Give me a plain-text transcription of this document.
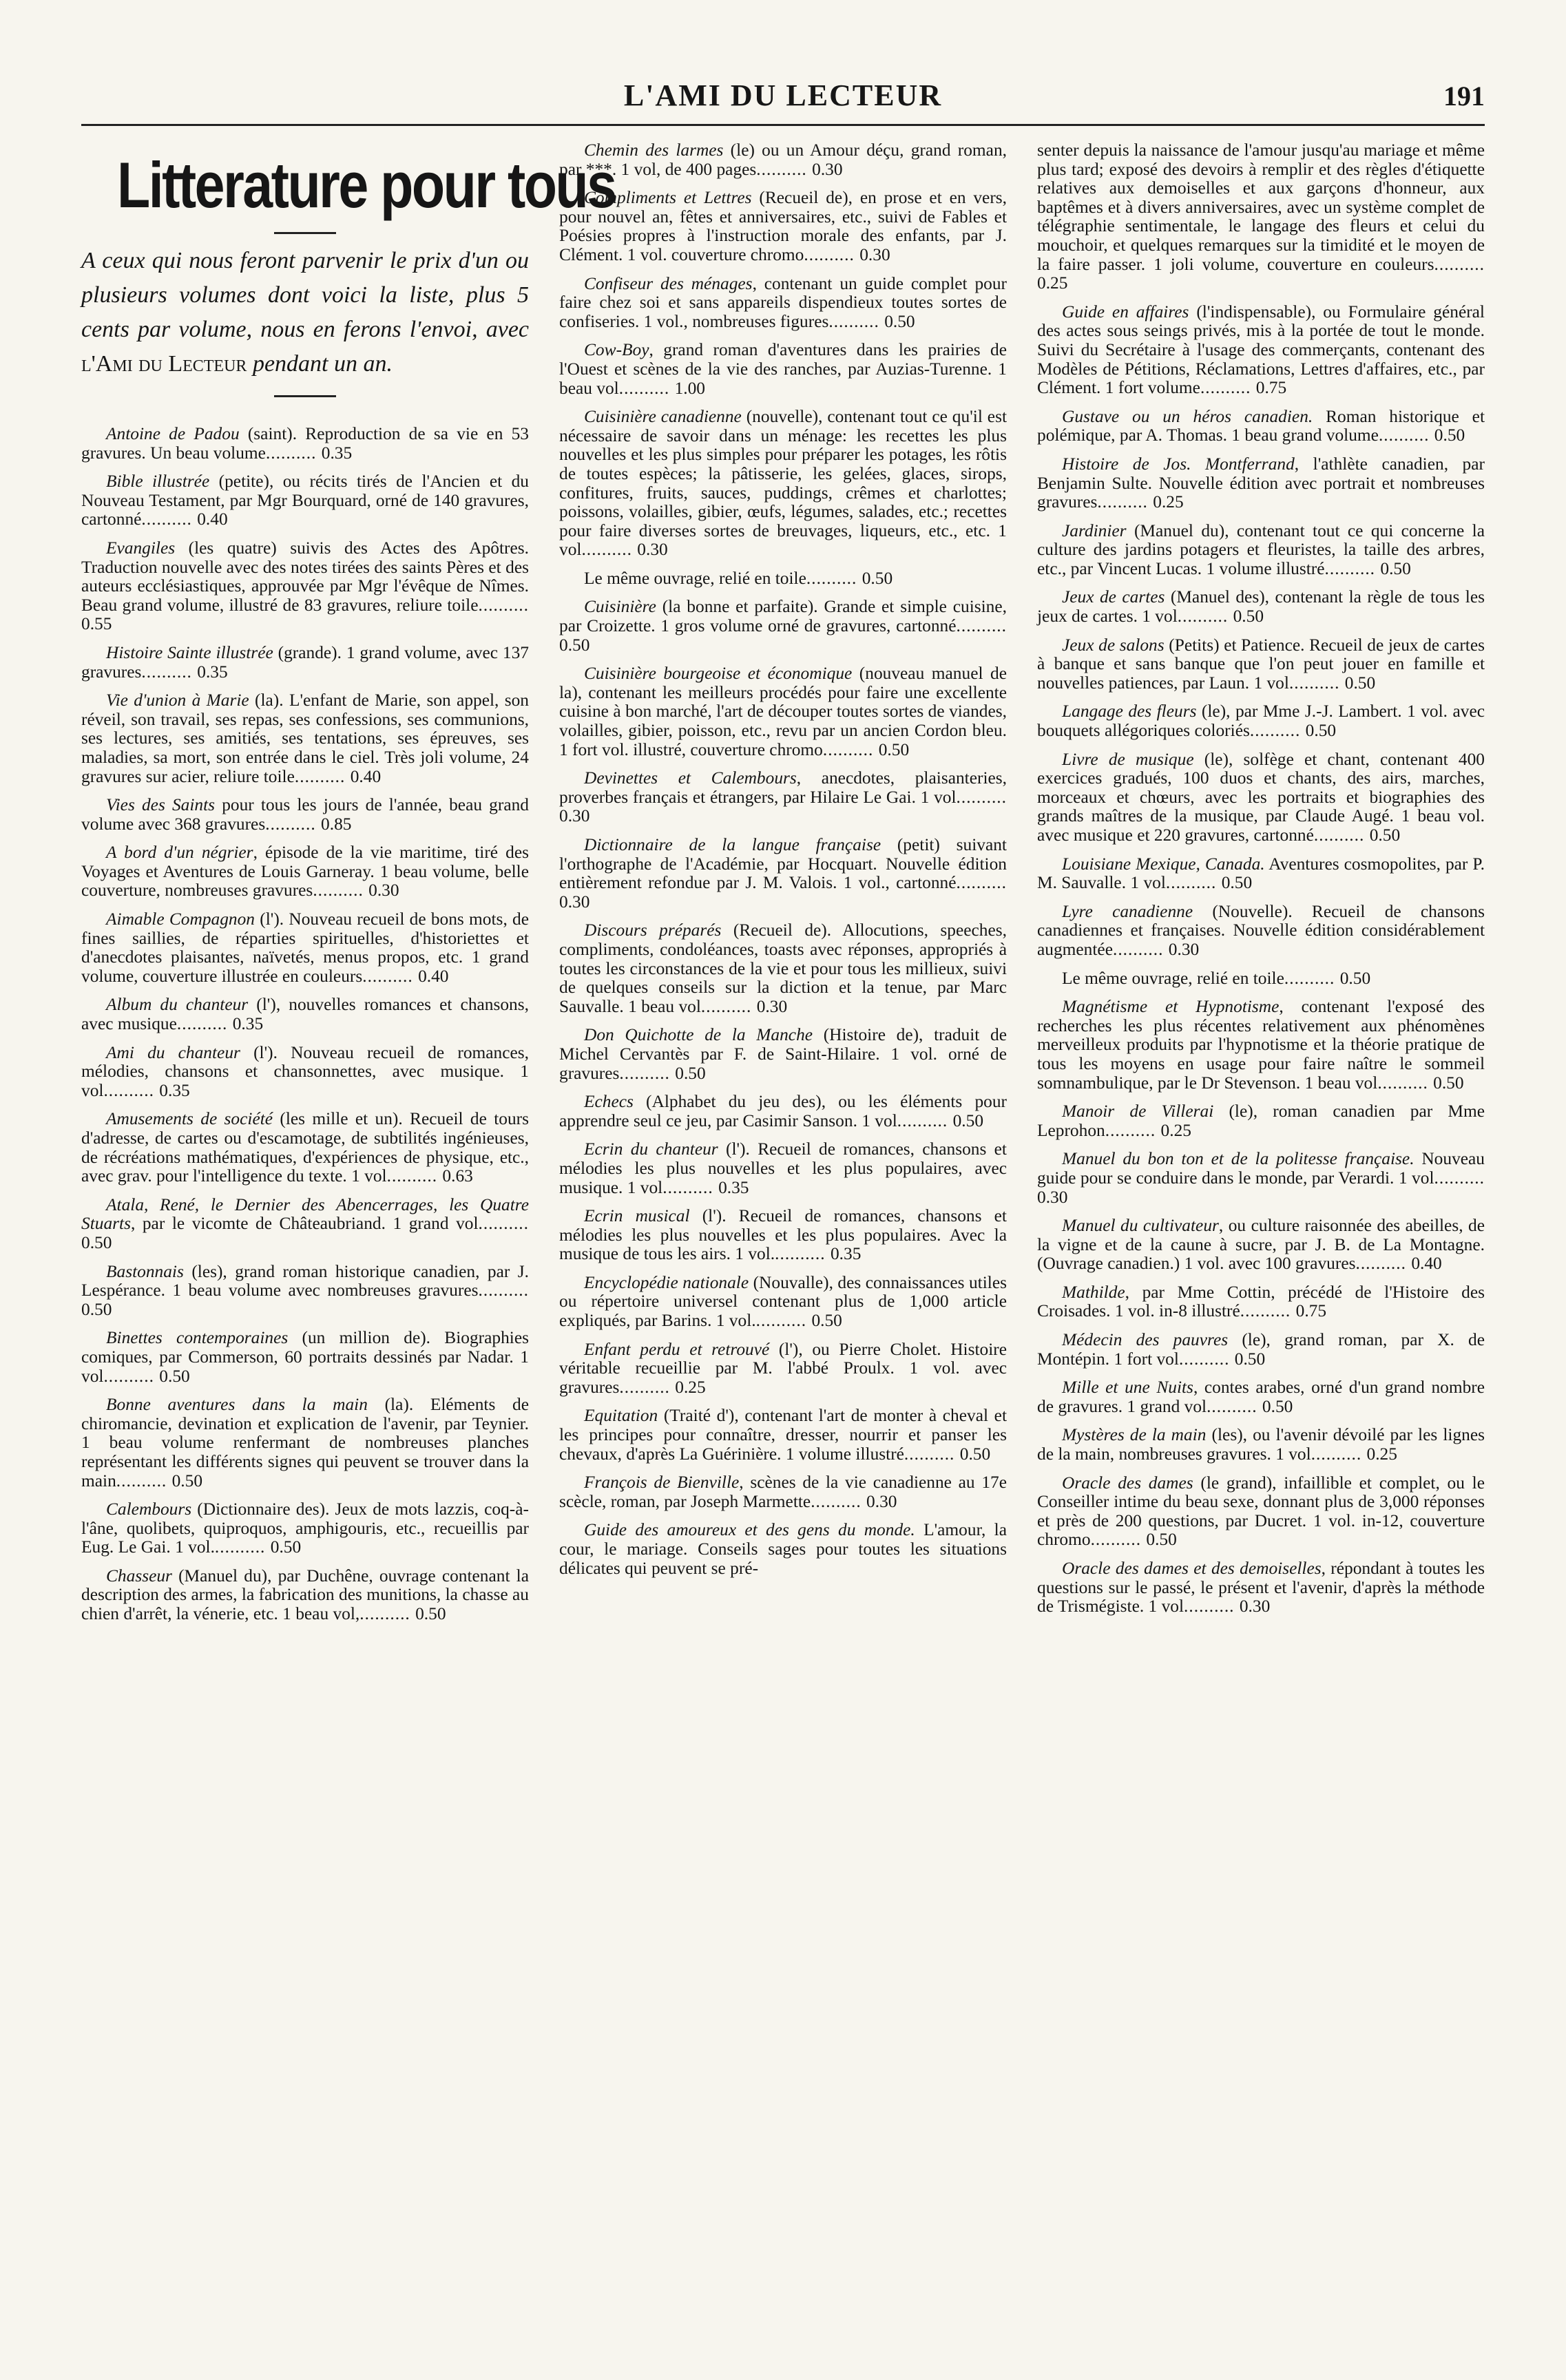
L'AMI DU LECTEUR	191
Litterature pour tous
A ceux qui nous feront parvenir le prix d'un ou plusieurs volumes dont voici la liste, plus 5 cents par volume, nous en ferons l'envoi, avec l'Ami du Lecteur pendant un an.

Antoine de Padou (saint). Reproduction de sa vie en 53 gravures. Un beau volume.......... 0.35

Bible illustrée (petite), ou récits tirés de l'Ancien et du Nouveau Testament, par Mgr Bourquard, orné de 140 gravures, cartonné.......... 0.40

Evangiles (les quatre) suivis des Actes des Apôtres. Traduction nouvelle avec des notes tirées des saints Pères et des auteurs ecclésiastiques, approuvée par Mgr l'évêque de Nîmes. Beau grand volume, illustré de 83 gravures, reliure toile.......... 0.55

Histoire Sainte illustrée (grande). 1 grand volume, avec 137 gravures.......... 0.35

Vie d'union à Marie (la). L'enfant de Marie, son appel, son réveil, son travail, ses repas, ses confessions, ses communions, ses lectures, ses amitiés, ses tentations, ses épreuves, ses maladies, sa mort, son entrée dans le ciel. Très joli volume, 24 gravures sur acier, reliure toile.......... 0.40

Vies des Saints pour tous les jours de l'année, beau grand volume avec 368 gravures.......... 0.85

A bord d'un négrier, épisode de la vie maritime, tiré des Voyages et Aventures de Louis Garneray. 1 beau volume, belle couverture, nombreuses gravures.......... 0.30

Aimable Compagnon (l'). Nouveau recueil de bons mots, de fines saillies, de réparties spirituelles, d'historiettes et d'anecdotes plaisantes, naïvetés, menus propos, etc. 1 grand volume, couverture illustrée en couleurs.......... 0.40

Album du chanteur (l'), nouvelles romances et chansons, avec musique.......... 0.35

Ami du chanteur (l'). Nouveau recueil de romances, mélodies, chansons et chansonnettes, avec musique. 1 vol.......... 0.35

Amusements de société (les mille et un). Recueil de tours d'adresse, de cartes ou d'escamotage, de subtilités ingénieuses, de récréations mathématiques, d'expériences de physique, etc., avec grav. pour l'intelligence du texte. 1 vol.......... 0.63

Atala, René, le Dernier des Abencerrages, les Quatre Stuarts, par le vicomte de Châteaubriand. 1 grand vol.......... 0.50

Bastonnais (les), grand roman historique canadien, par J. Lespérance. 1 beau volume avec nombreuses gravures.......... 0.50

Binettes contemporaines (un million de). Biographies comiques, par Commerson, 60 portraits dessinés par Nadar. 1 vol.......... 0.50

Bonne aventures dans la main (la). Eléments de chiromancie, devination et explication de l'avenir, par Teynier. 1 beau volume renfermant de nombreuses planches représentant les différents signes qui peuvent se trouver dans la main.......... 0.50

Calembours (Dictionnaire des). Jeux de mots lazzis, coq-à-l'âne, quolibets, quiproquos, amphigouris, etc., recueillis par Eug. Le Gai. 1 vol........... 0.50

Chasseur (Manuel du), par Duchêne, ouvrage contenant la description des armes, la fabrication des munitions, la chasse au chien d'arrêt, la vénerie, etc. 1 beau vol,.......... 0.50

Chemin des larmes (le) ou un Amour déçu, grand roman, par ***. 1 vol, de 400 pages.......... 0.30

Compliments et Lettres (Recueil de), en prose et en vers, pour nouvel an, fêtes et anniversaires, etc., suivi de Fables et Poésies propres à l'instruction morale des enfants, par J. Clément. 1 vol. couverture chromo.......... 0.30

Confiseur des ménages, contenant un guide complet pour faire chez soi et sans appareils dispendieux toutes sortes de confiseries. 1 vol., nombreuses figures.......... 0.50

Cow-Boy, grand roman d'aventures dans les prairies de l'Ouest et scènes de la vie des ranches, par Auzias-Turenne. 1 beau vol.......... 1.00

Cuisinière canadienne (nouvelle), contenant tout ce qu'il est nécessaire de savoir dans un ménage: les recettes les plus nouvelles et les plus simples pour préparer les potages, les rôtis de toutes espèces; la pâtisserie, les gelées, glaces, sirops, confitures, fruits, sauces, puddings, crêmes et charlottes; poissons, volailles, gibier, œufs, légumes, salades, etc.; recettes pour faire diverses sortes de breuvages, liqueurs, etc., etc. 1 vol.......... 0.30

Le même ouvrage, relié en toile.......... 0.50

Cuisinière (la bonne et parfaite). Grande et simple cuisine, par Croizette. 1 gros volume orné de gravures, cartonné.......... 0.50

Cuisinière bourgeoise et économique (nouveau manuel de la), contenant les meilleurs procédés pour faire une excellente cuisine à bon marché, l'art de découper toutes sortes de viandes, volailles, gibier, poisson, etc., revu par un ancien Cordon bleu. 1 fort vol. illustré, couverture chromo.......... 0.50

Devinettes et Calembours, anecdotes, plaisanteries, proverbes français et étrangers, par Hilaire Le Gai. 1 vol.......... 0.30

Dictionnaire de la langue française (petit) suivant l'orthographe de l'Académie, par Hocquart. Nouvelle édition entièrement refondue par J. M. Valois. 1 vol., cartonné.......... 0.30

Discours préparés (Recueil de). Allocutions, speeches, compliments, condoléances, toasts avec réponses, appropriés à toutes les circonstances de la vie et pour tous les millieux, suivi de quelques conseils sur la diction et la tenue, par Marc Sauvalle. 1 beau vol.......... 0.30

Don Quichotte de la Manche (Histoire de), traduit de Michel Cervantès par F. de Saint-Hilaire. 1 vol. orné de gravures.......... 0.50

Echecs (Alphabet du jeu des), ou les éléments pour apprendre seul ce jeu, par Casimir Sanson. 1 vol.......... 0.50

Ecrin du chanteur (l'). Recueil de romances, chansons et mélodies les plus nouvelles et les plus populaires, avec musique. 1 vol.......... 0.35

Ecrin musical (l'). Recueil de romances, chansons et mélodies les plus nouvelles et les plus populaires. Avec la musique de tous les airs. 1 vol........... 0.35

Encyclopédie nationale (Nouvalle), des connaissances utiles ou répertoire universel contenant plus de 1,000 article expliqués, par Barins. 1 vol........... 0.50

Enfant perdu et retrouvé (l'), ou Pierre Cholet. Histoire véritable recueillie par M. l'abbé Proulx. 1 vol. avec gravures.......... 0.25

Equitation (Traité d'), contenant l'art de monter à cheval et les principes pour connaître, dresser, nourrir et panser les chevaux, d'après La Guérinière. 1 volume illustré.......... 0.50

François de Bienville, scènes de la vie canadienne au 17e scècle, roman, par Joseph Marmette.......... 0.30

Guide des amoureux et des gens du monde. L'amour, la cour, le mariage. Conseils sages pour toutes les situations délicates qui peuvent se pré-

senter depuis la naissance de l'amour jusqu'au mariage et même plus tard; exposé des devoirs à remplir et des règles d'étiquette relatives aux demoiselles et aux garçons d'honneur, aux baptêmes et à divers anniversaires, avec un système complet de télégraphie sentimentale, le langage des fleurs et celui du mouchoir, et quelques remarques sur la timidité et le moyen de la faire passer. 1 joli volume, couverture en couleurs.......... 0.25

Guide en affaires (l'indispensable), ou Formulaire général des actes sous seings privés, mis à la portée de tout le monde. Suivi du Secrétaire à l'usage des commerçants, contenant des Modèles de Pétitions, Réclamations, Lettres d'affaires, etc., par Clément. 1 fort volume.......... 0.75

Gustave ou un héros canadien. Roman historique et polémique, par A. Thomas. 1 beau grand volume.......... 0.50

Histoire de Jos. Montferrand, l'athlète canadien, par Benjamin Sulte. Nouvelle édition avec portrait et nombreuses gravures.......... 0.25

Jardinier (Manuel du), contenant tout ce qui concerne la culture des jardins potagers et fleuristes, la taille des arbres, etc., par Vincent Lucas. 1 volume illustré.......... 0.50

Jeux de cartes (Manuel des), contenant la règle de tous les jeux de cartes. 1 vol.......... 0.50

Jeux de salons (Petits) et Patience. Recueil de jeux de cartes à banque et sans banque que l'on peut jouer en famille et nouvelles patiences, par Laun. 1 vol.......... 0.50

Langage des fleurs (le), par Mme J.-J. Lambert. 1 vol. avec bouquets allégoriques coloriés.......... 0.50

Livre de musique (le), solfège et chant, contenant 400 exercices gradués, 100 duos et chants, des airs, marches, morceaux et chœurs, avec les portraits et biographies des grands maîtres de la musique, par Claude Augé. 1 beau vol. avec musique et 220 gravures, cartonné.......... 0.50

Louisiane Mexique, Canada. Aventures cosmopolites, par P. M. Sauvalle. 1 vol.......... 0.50

Lyre canadienne (Nouvelle). Recueil de chansons canadiennes et françaises. Nouvelle édition considérablement augmentée.......... 0.30

Le même ouvrage, relié en toile.......... 0.50

Magnétisme et Hypnotisme, contenant l'exposé des recherches les plus récentes relativement aux phénomènes merveilleux produits par l'hypnotisme et la théorie pratique de tous les moyens en usage pour faire naître le sommeil somnambulique, par le Dr Stevenson. 1 beau vol.......... 0.50

Manoir de Villerai (le), roman canadien par Mme Leprohon.......... 0.25

Manuel du bon ton et de la politesse française. Nouveau guide pour se conduire dans le monde, par Verardi. 1 vol.......... 0.30

Manuel du cultivateur, ou culture raisonnée des abeilles, de la vigne et de la caune à sucre, par J. B. de La Montagne. (Ouvrage canadien.) 1 vol. avec 100 gravures.......... 0.40

Mathilde, par Mme Cottin, précédé de l'Histoire des Croisades. 1 vol. in-8 illustré.......... 0.75

Médecin des pauvres (le), grand roman, par X. de Montépin. 1 fort vol.......... 0.50

Mille et une Nuits, contes arabes, orné d'un grand nombre de gravures. 1 grand vol.......... 0.50

Mystères de la main (les), ou l'avenir dévoilé par les lignes de la main, nombreuses gravures. 1 vol.......... 0.25

Oracle des dames (le grand), infaillible et complet, ou le Conseiller intime du beau sexe, donnant plus de 3,000 réponses et près de 200 questions, par Ducret. 1 vol. in-12, couverture chromo.......... 0.50

Oracle des dames et des demoiselles, répondant à toutes les questions sur le passé, le présent et l'avenir, d'après la méthode de Trismégiste. 1 vol.......... 0.30
